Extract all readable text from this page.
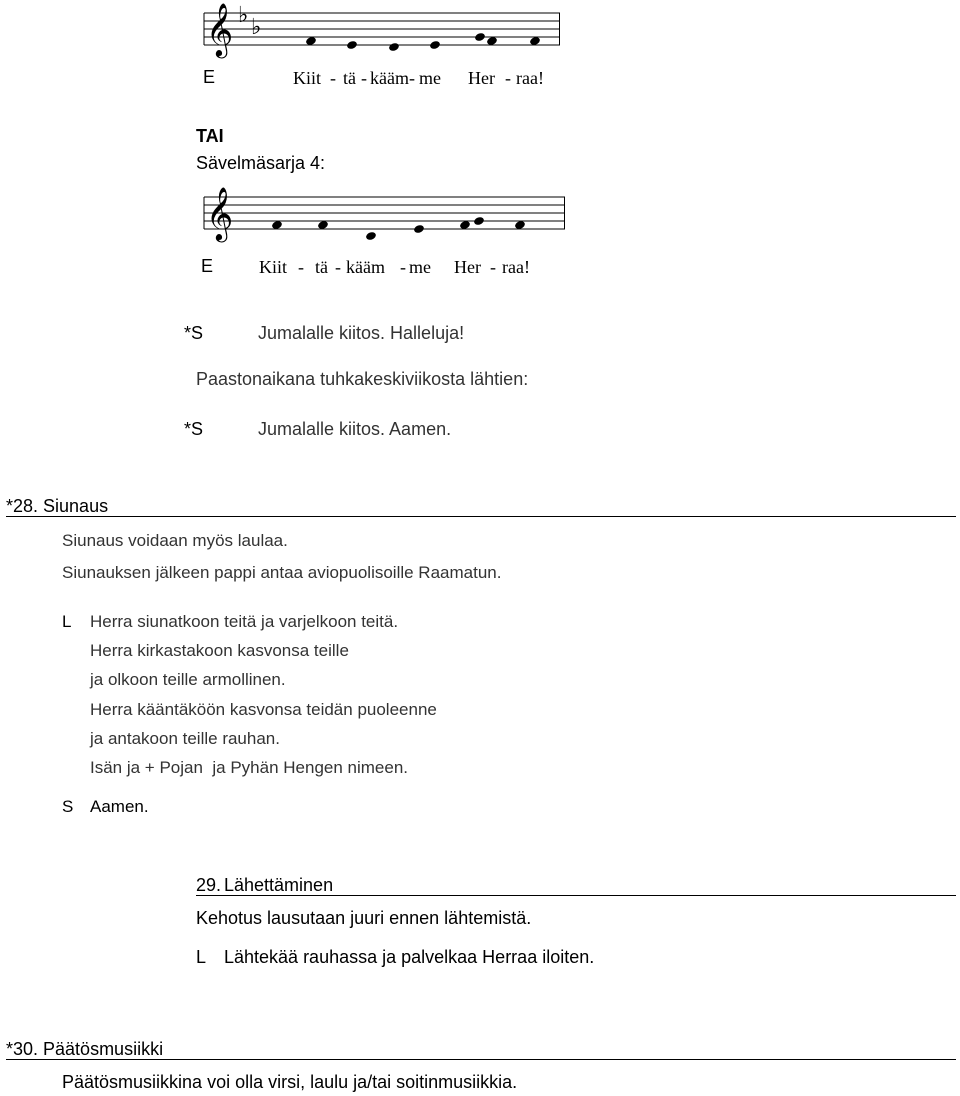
𝄞 ♭ ♭
E	Kiit - tä - kääm - me Her - raa!
TAI
Sävelmäsarja 4:
𝄞
E	Kiit - tä - kääm - me Her - raa!
*S	Jumalalle kiitos. Halleluja!
Paastonaikana tuhkakeskiviikosta lähtien:
*S	Jumalalle kiitos. Aamen.
*28. Siunaus
Siunaus voidaan myös laulaa.
Siunauksen jälkeen pappi antaa aviopuolisoille Raamatun.
L Herra siunatkoon teitä ja varjelkoon teitä.
Herra kirkastakoon kasvonsa teille
ja olkoon teille armollinen.
Herra kääntäköön kasvonsa teidän puoleenne
ja antakoon teille rauhan.
Isän ja + Pojan  ja Pyhän Hengen nimeen.
S Aamen.
29. Lähettäminen
Kehotus lausutaan juuri ennen lähtemistä.
L Lähtekää rauhassa ja palvelkaa Herraa iloiten.
*30. Päätösmusiikki
Päätösmusiikkina voi olla virsi, laulu ja/tai soitinmusiikkia.
